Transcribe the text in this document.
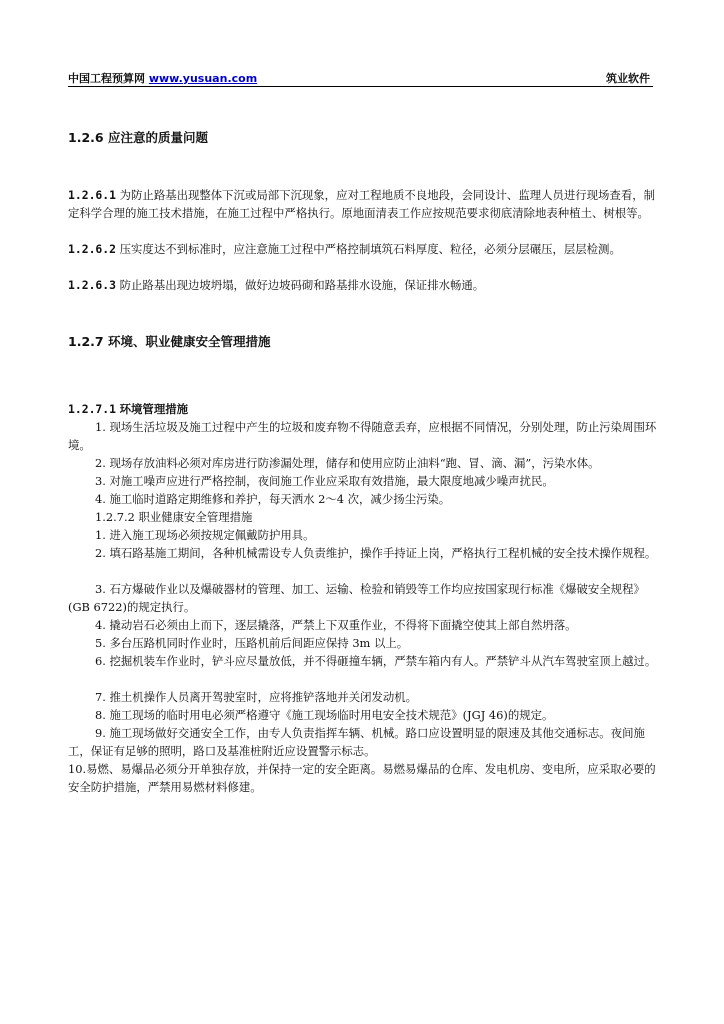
中国工程预算网 www.yusuan.com	筑业软件
1.2.6 应注意的质量问题

1.2.6.1 为防止路基出现整体下沉或局部下沉现象，应对工程地质不良地段，会同设计、监理人员进行现场查看，制定科学合理的施工技术措施，在施工过程中严格执行。原地面清表工作应按规范要求彻底清除地表种植土、树根等。

1.2.6.2 压实度达不到标准时，应注意施工过程中严格控制填筑石料厚度、粒径，必须分层碾压，层层检测。

1.2.6.3 防止路基出现边坡坍塌，做好边坡码砌和路基排水设施，保证排水畅通。

1.2.7 环境、职业健康安全管理措施

1.2.7.1 环境管理措施

1. 现场生活垃圾及施工过程中产生的垃圾和废弃物不得随意丢弃，应根据不同情况，分别处理，防止污染周围环境。

2. 现场存放油料必须对库房进行防渗漏处理，储存和使用应防止油料“跑、冒、滴、漏”，污染水体。

3. 对施工噪声应进行严格控制，夜间施工作业应采取有效措施，最大限度地减少噪声扰民。

4. 施工临时道路定期维修和养护，每天洒水 2～4 次，减少扬尘污染。

1.2.7.2 职业健康安全管理措施

1. 进入施工现场必须按规定佩戴防护用具。

2. 填石路基施工期间，各种机械需设专人负责维护，操作手持证上岗，严格执行工程机械的安全技术操作规程。

3. 石方爆破作业以及爆破器材的管理、加工、运输、检验和销毁等工作均应按国家现行标准《爆破安全规程》(GB 6722)的规定执行。

4. 撬动岩石必须由上而下，逐层撬落，严禁上下双重作业，不得将下面撬空使其上部自然坍落。

5. 多台压路机同时作业时，压路机前后间距应保持 3m 以上。

6. 挖掘机装车作业时，铲斗应尽量放低，并不得砸撞车辆，严禁车箱内有人。严禁铲斗从汽车驾驶室顶上越过。

7. 推土机操作人员离开驾驶室时，应将推铲落地并关闭发动机。

8. 施工现场的临时用电必须严格遵守《施工现场临时用电安全技术规范》(JGJ 46)的规定。

9. 施工现场做好交通安全工作，由专人负责指挥车辆、机械。路口应设置明显的限速及其他交通标志。夜间施工，保证有足够的照明，路口及基准桩附近应设置警示标志。

10.易燃、易爆品必须分开单独存放，并保持一定的安全距离。易燃易爆品的仓库、发电机房、变电所，应采取必要的安全防护措施，严禁用易燃材料修建。
